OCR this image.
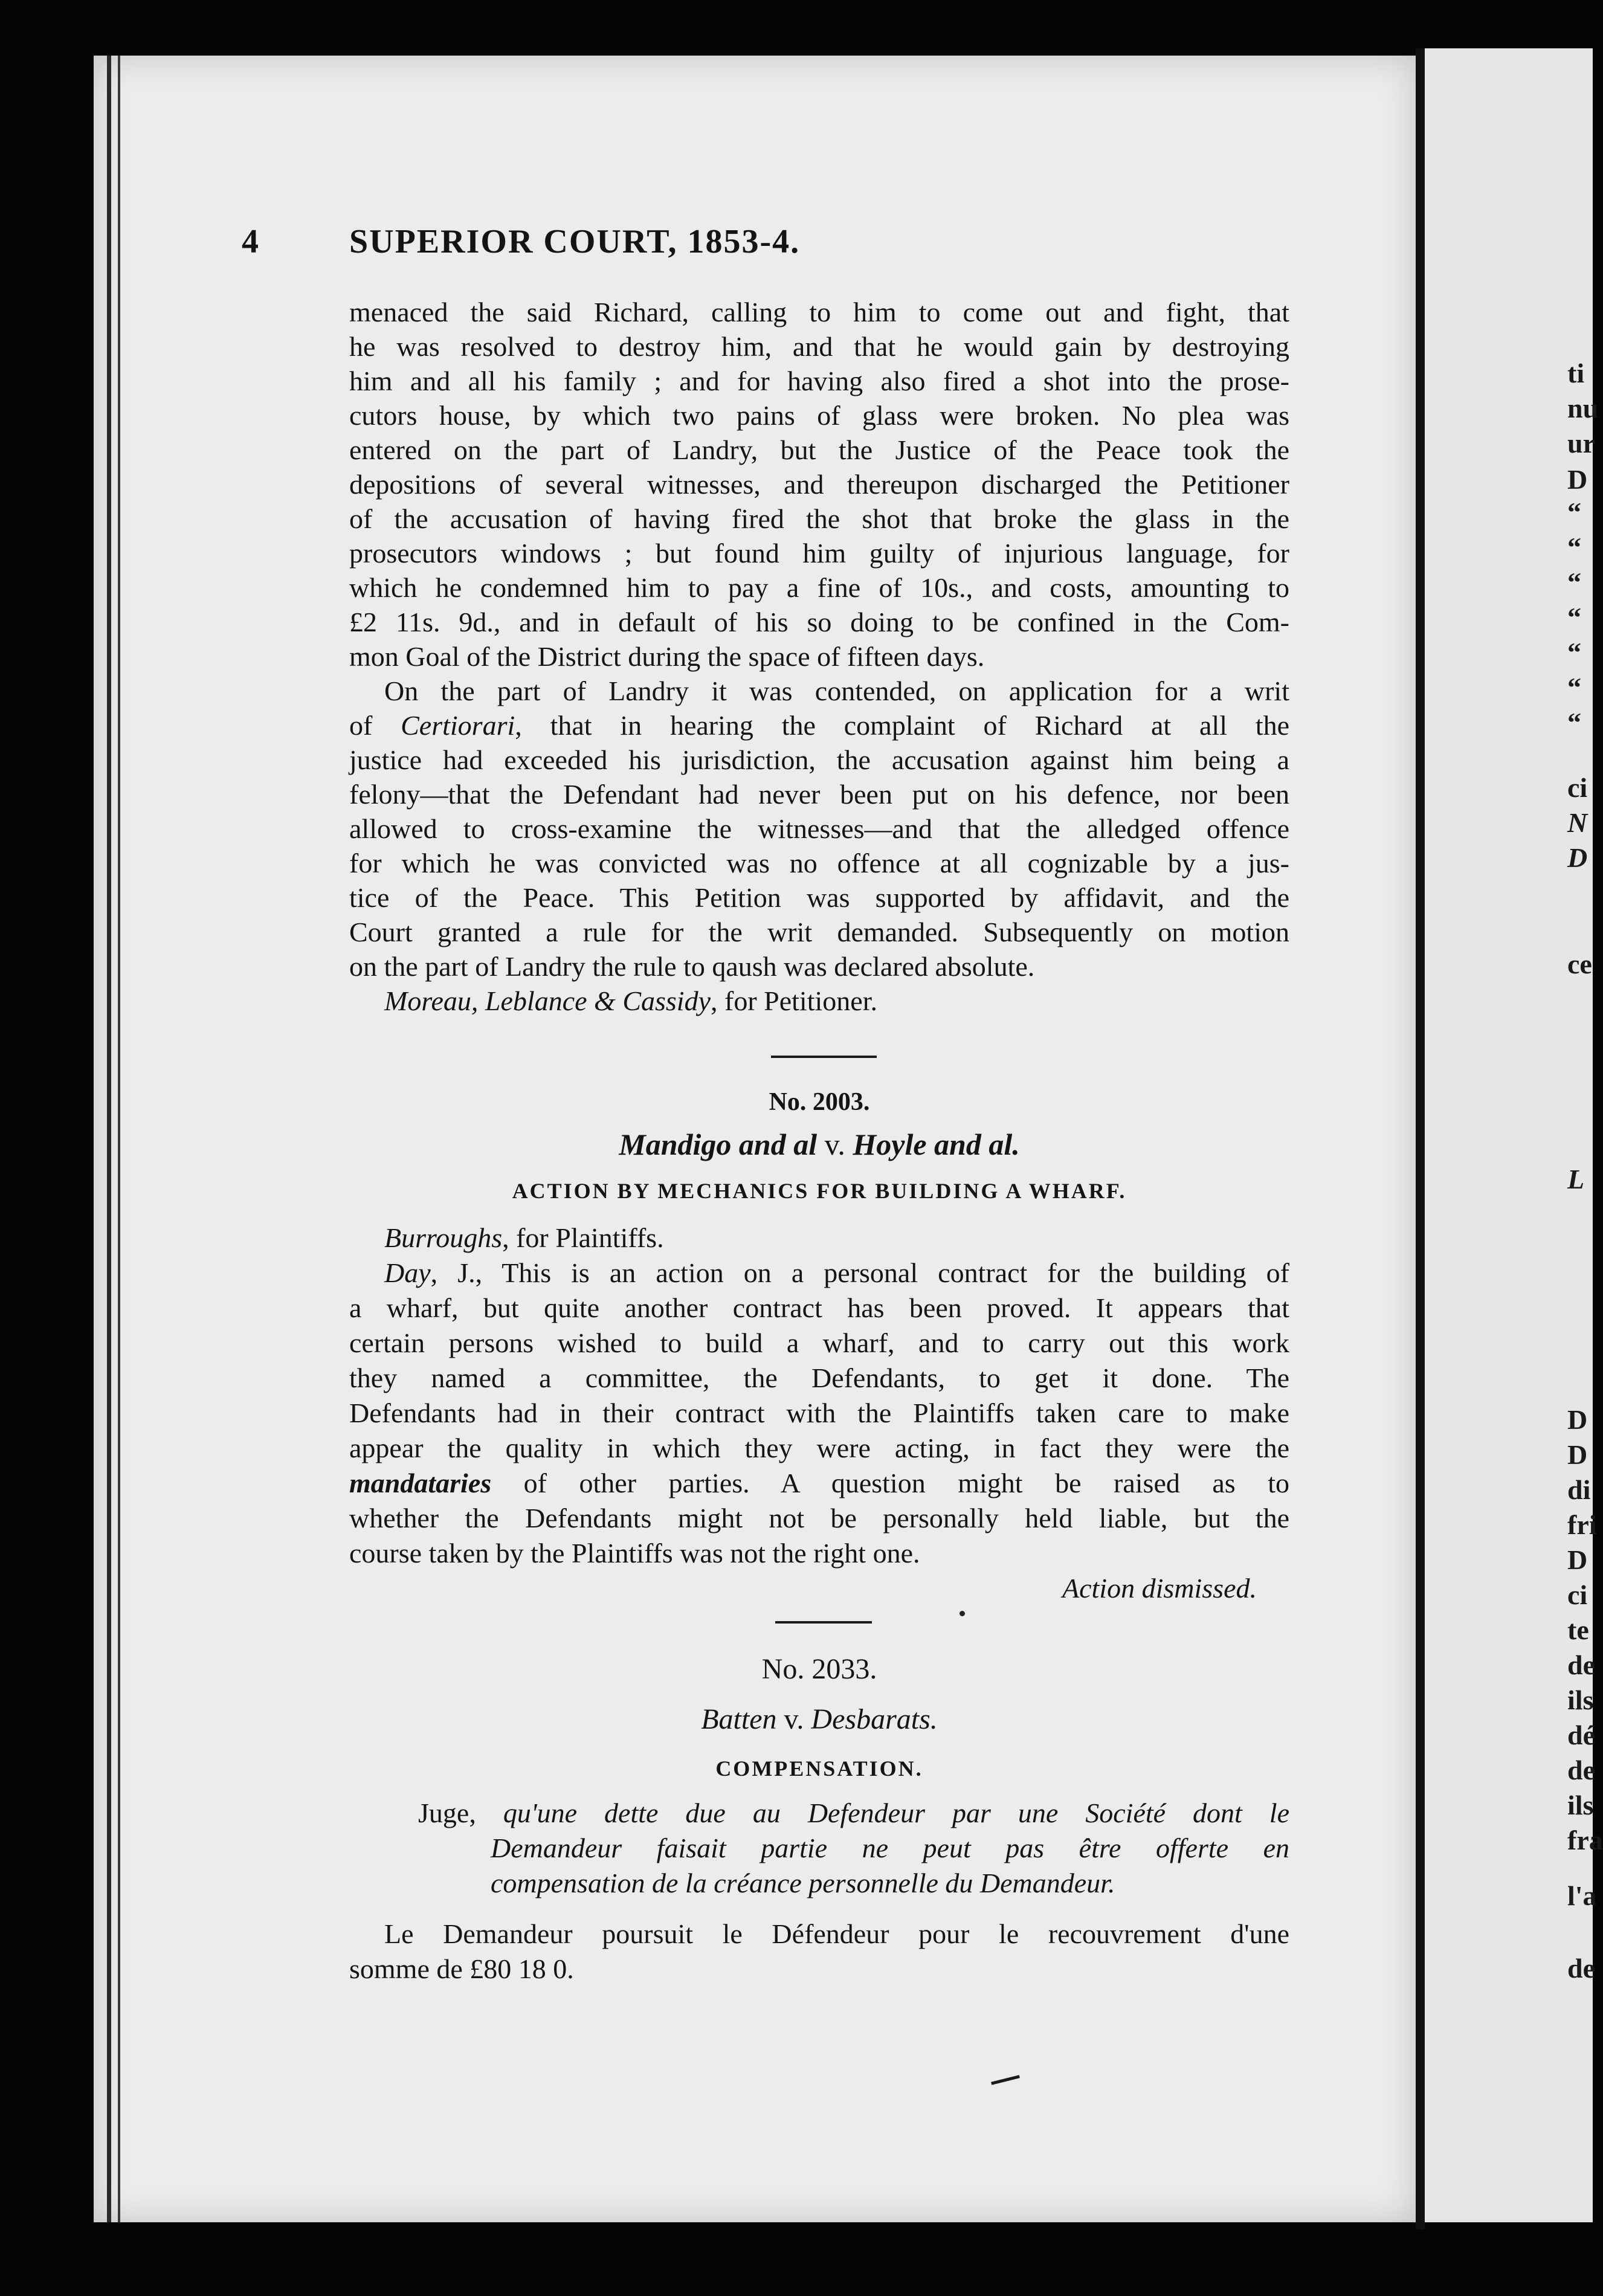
4	SUPERIOR COURT, 1853-4.
menaced the said Richard, calling to him to come out and fight, that
he was resolved to destroy him, and that he would gain by destroying
him and all his family ; and for having also fired a shot into the prose-
cutors house, by which two pains of glass were broken. No plea was
entered on the part of Landry, but the Justice of the Peace took the
depositions of several witnesses, and thereupon discharged the Petitioner
of the accusation of having fired the shot that broke the glass in the
prosecutors windows ; but found him guilty of injurious language, for
which he condemned him to pay a fine of 10s., and costs, amounting to
£2 11s. 9d., and in default of his so doing to be confined in the Com-
mon Goal of the District during the space of fifteen days.
On the part of Landry it was contended, on application for a writ
of Certiorari, that in hearing the complaint of Richard at all the
justice had exceeded his jurisdiction, the accusation against him being a
felony—that the Defendant had never been put on his defence, nor been
allowed to cross-examine the witnesses—and that the alledged offence
for which he was convicted was no offence at all cognizable by a jus-
tice of the Peace. This Petition was supported by affidavit, and the
Court granted a rule for the writ demanded. Subsequently on motion
on the part of Landry the rule to qaush was declared absolute.
Moreau, Leblance & Cassidy, for Petitioner.
No. 2003.
Mandigo and al v. Hoyle and al.
ACTION BY MECHANICS FOR BUILDING A WHARF.
Burroughs, for Plaintiffs.
Day, J., This is an action on a personal contract for the building of
a wharf, but quite another contract has been proved. It appears that
certain persons wished to build a wharf, and to carry out this work
they named a committee, the Defendants, to get it done. The
Defendants had in their contract with the Plaintiffs taken care to make
appear the quality in which they were acting, in fact they were the
mandataries of other parties. A question might be raised as to
whether the Defendants might not be personally held liable, but the
course taken by the Plaintiffs was not the right one.
Action dismissed.
No. 2033.
Batten v. Desbarats.
COMPENSATION.
Juge, qu'une dette due au Defendeur par une Société dont le
Demandeur faisait partie ne peut pas être offerte en
compensation de la créance personnelle du Demandeur.
Le Demandeur poursuit le Défendeur pour le recouvrement d'une
somme de £80 18 0.
ti
nu
ur
D
“
“
“
“
“
“
“
ci
N
D
ce
L
D
D
di
fri
D
ci
te
de
ils
dé
de
ils
fra
l'a
de
